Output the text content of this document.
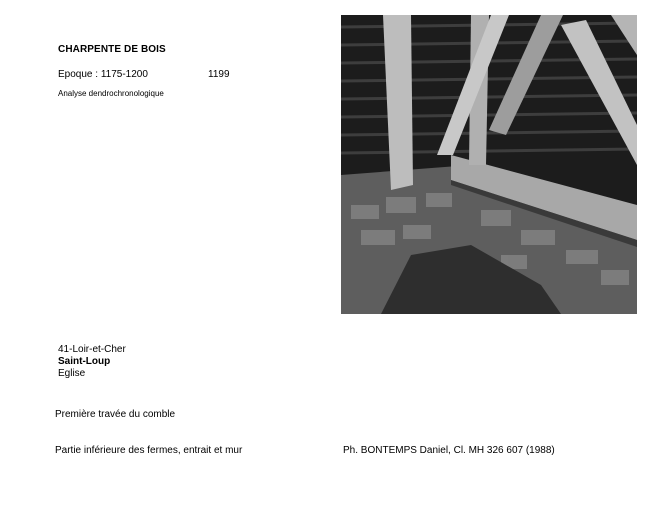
CHARPENTE DE BOIS
Epoque : 1175-1200	1199
Analyse dendrochronologique
41-Loir-et-Cher
Saint-Loup
Eglise
Première travée du comble
Partie inférieure des fermes, entrait et mur	Ph. BONTEMPS Daniel, Cl. MH 326 607 (1988)
